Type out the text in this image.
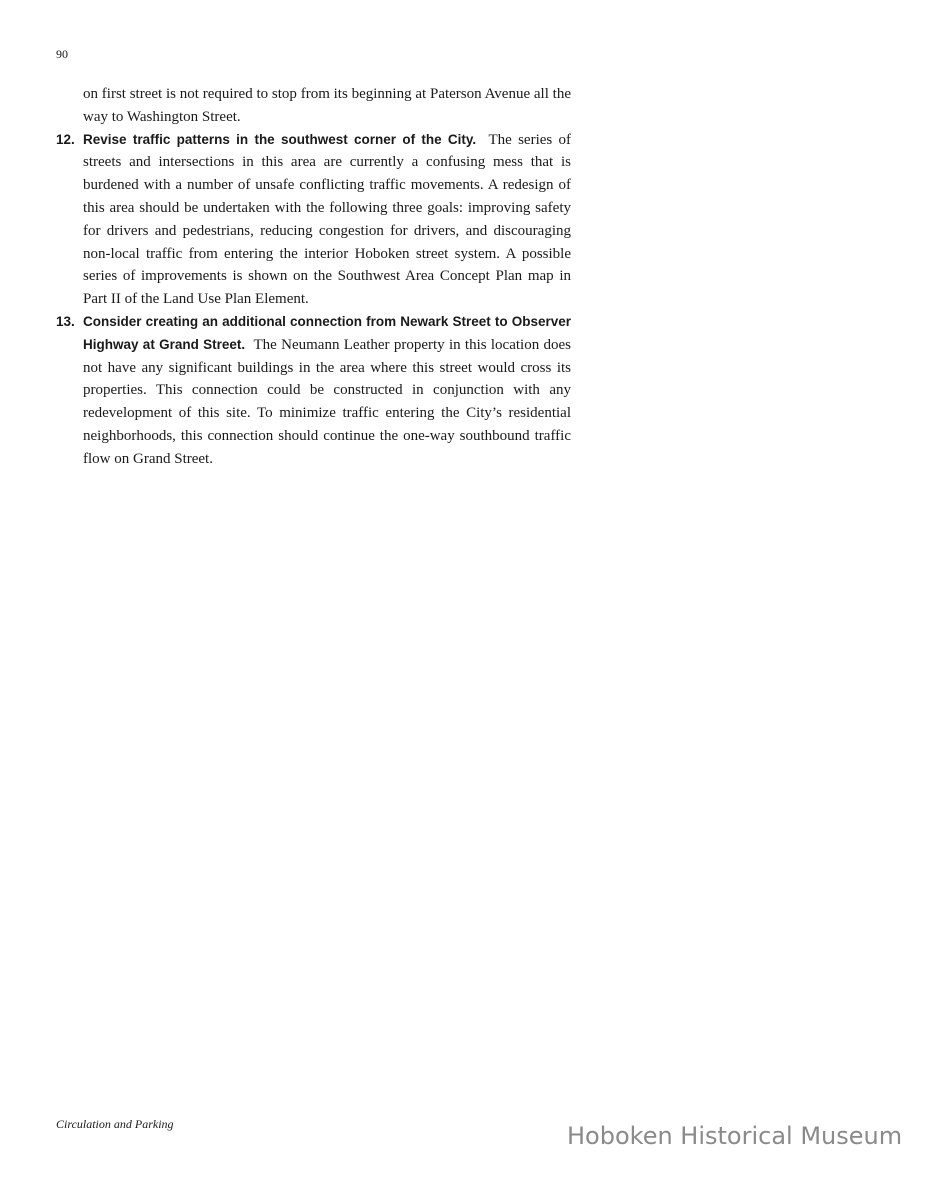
90
on first street is not required to stop from its beginning at Paterson Avenue all the way to Washington Street.
12. Revise traffic patterns in the southwest corner of the City. The series of streets and intersections in this area are currently a confusing mess that is burdened with a number of unsafe conflicting traffic movements. A redesign of this area should be undertaken with the following three goals: improving safety for drivers and pedestrians, reducing congestion for drivers, and discouraging non-local traffic from entering the interior Hoboken street system. A possible series of improvements is shown on the Southwest Area Concept Plan map in Part II of the Land Use Plan Element.
13. Consider creating an additional connection from Newark Street to Observer Highway at Grand Street. The Neumann Leather property in this location does not have any significant buildings in the area where this street would cross its properties. This connection could be constructed in conjunction with any redevelopment of this site. To minimize traffic entering the City’s residential neighborhoods, this connection should continue the one-way southbound traffic flow on Grand Street.
Circulation and Parking	Hoboken Historical Museum
